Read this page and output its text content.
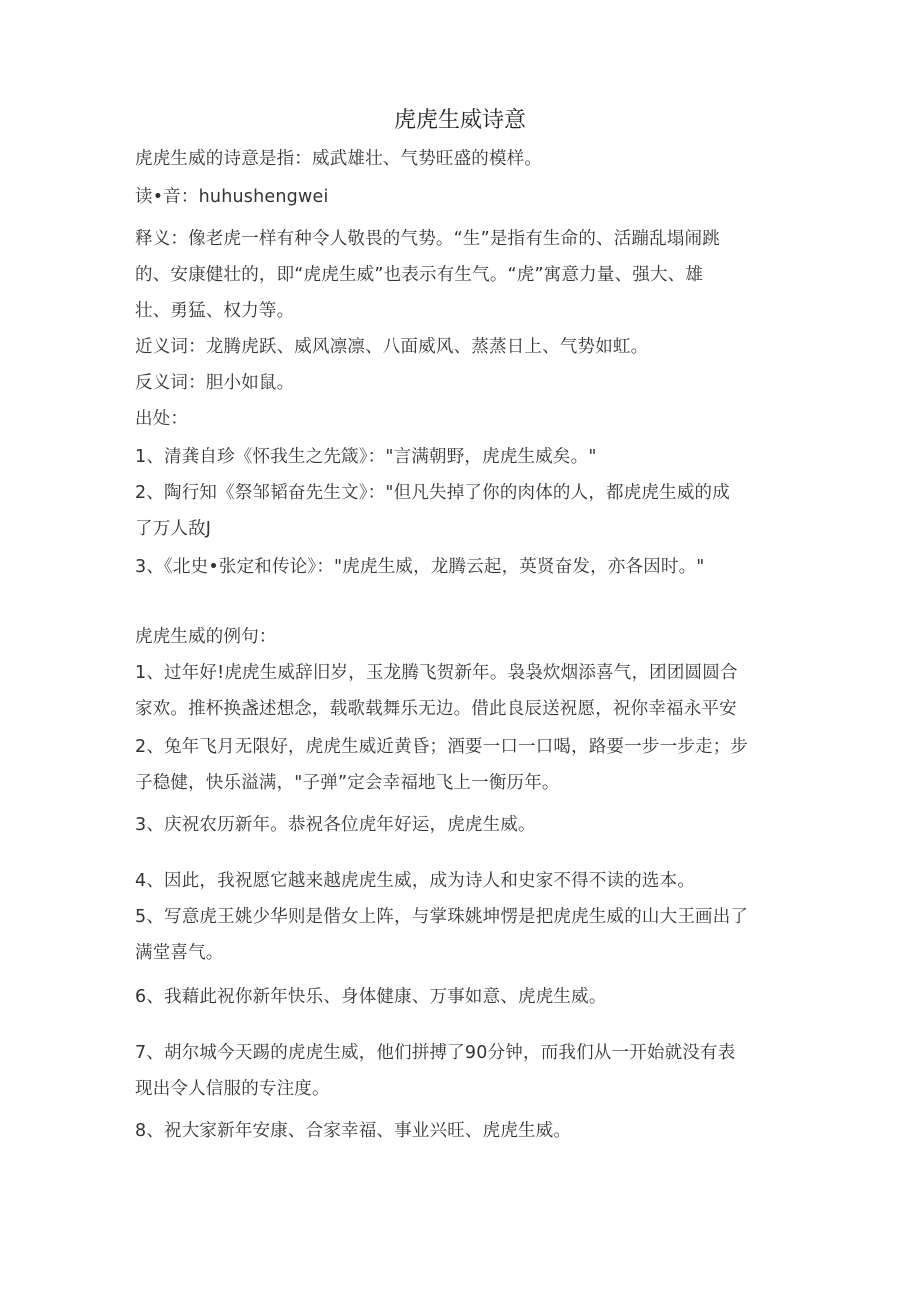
虎虎生威诗意
虎虎生威的诗意是指：威武雄壮、气势旺盛的模样。
读•音：huhushengwei
释义：像老虎一样有种令人敬畏的气势。“生”是指有生命的、活蹦乱塌闹跳
的、安康健壮的，即“虎虎生威”也表示有生气。“虎”寓意力量、强大、雄
壮、勇猛、权力等。
近义词：龙腾虎跃、威风凛凛、八面威风、蒸蒸日上、气势如虹。
反义词：胆小如鼠。
出处：
1、清龚自珍《怀我生之先箴》："言满朝野，虎虎生威矣。"
2、陶行知《祭邹韬奋先生文》："但凡失掉了你的肉体的人，都虎虎生威的成
了万人敌J
3、《北史•张定和传论》："虎虎生威，龙腾云起，英贤奋发，亦各因时。"
虎虎生威的例句：
1、过年好!虎虎生威辞旧岁，玉龙腾飞贺新年。袅袅炊烟添喜气，团团圆圆合
家欢。推杯换盏述想念，载歌载舞乐无边。借此良辰送祝愿，祝你幸福永平安
2、兔年飞月无限好，虎虎生威近黄昏；酒要一口一口喝，路要一步一步走；步
子稳健，快乐溢满，"子弹”定会幸福地飞上一衡历年。
3、庆祝农历新年。恭祝各位虎年好运，虎虎生威。
4、因此，我祝愿它越来越虎虎生威，成为诗人和史家不得不读的选本。
5、写意虎王姚少华则是偕女上阵，与掌珠姚坤愣是把虎虎生威的山大王画出了
满堂喜气。
6、我藉此祝你新年快乐、身体健康、万事如意、虎虎生威。
7、胡尔城今天踢的虎虎生威，他们拼搏了90分钟，而我们从一开始就没有表
现出令人信服的专注度。
8、祝大家新年安康、合家幸福、事业兴旺、虎虎生威。
